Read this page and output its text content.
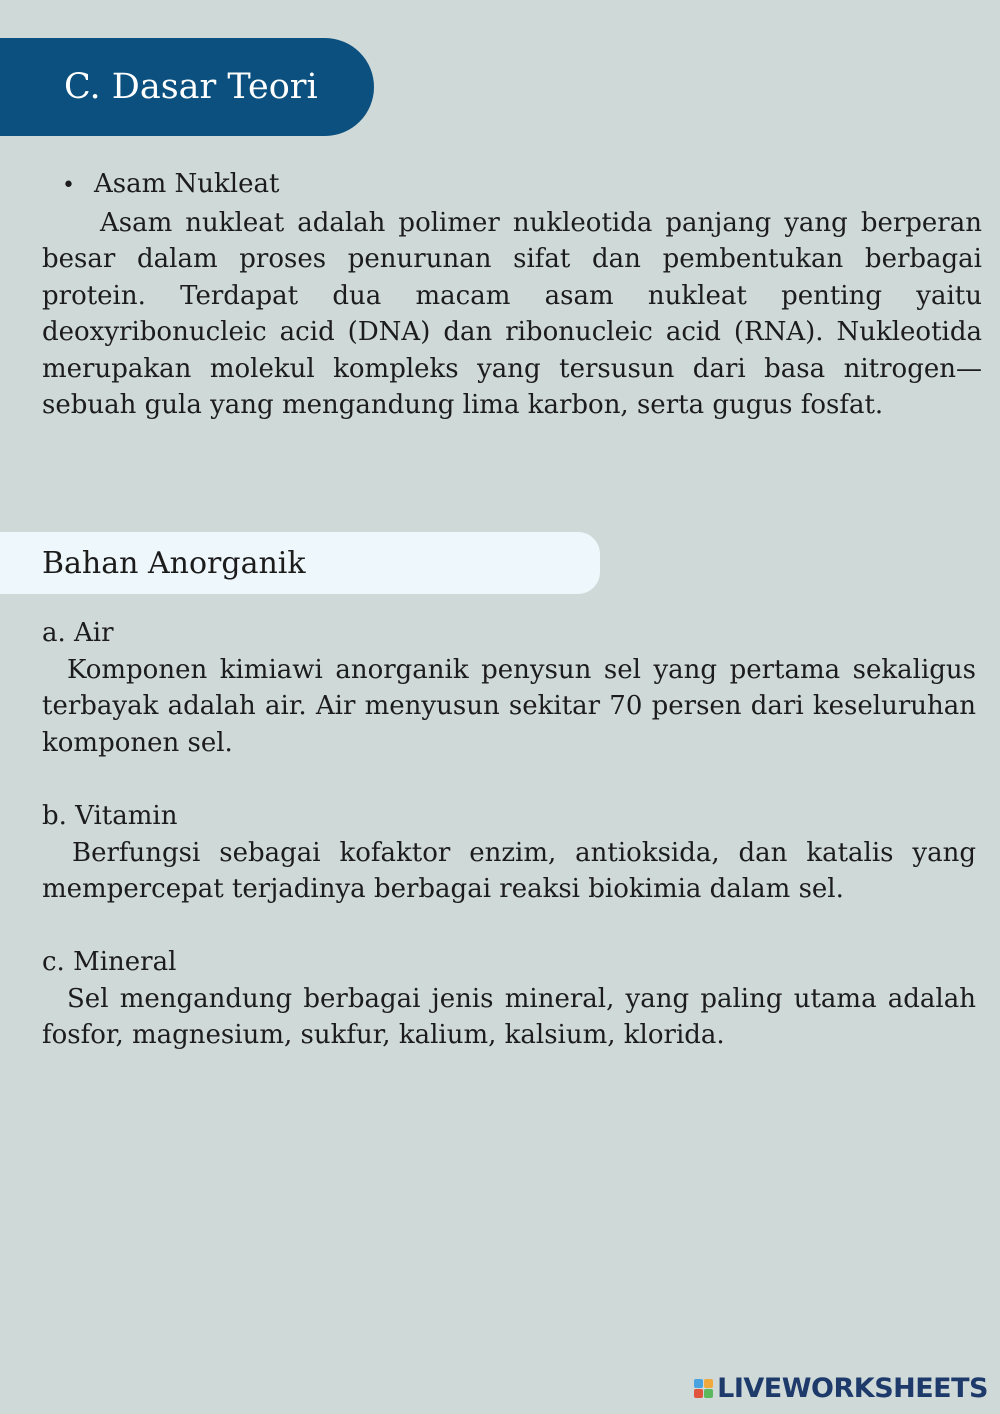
C. Dasar Teori
• Asam Nukleat

Asam nukleat adalah polimer nukleotida panjang yang berperan besar dalam proses penurunan sifat dan pembentukan berbagai protein. Terdapat dua macam asam nukleat penting yaitu deoxyribonucleic acid (DNA) dan ribonucleic acid (RNA). Nukleotida merupakan molekul kompleks yang tersusun dari basa nitrogen—sebuah gula yang mengandung lima karbon, serta gugus fosfat.

Bahan Anorganik

a. Air

Komponen kimiawi anorganik penysun sel yang pertama sekaligus terbayak adalah air. Air menyusun sekitar 70 persen dari keseluruhan komponen sel.

b. Vitamin

Berfungsi sebagai kofaktor enzim, antioksida, dan katalis yang mempercepat terjadinya berbagai reaksi biokimia dalam sel.

c. Mineral

Sel mengandung berbagai jenis mineral, yang paling utama adalah fosfor, magnesium, sukfur, kalium, kalsium, klorida.

LIVEWORKSHEETS
